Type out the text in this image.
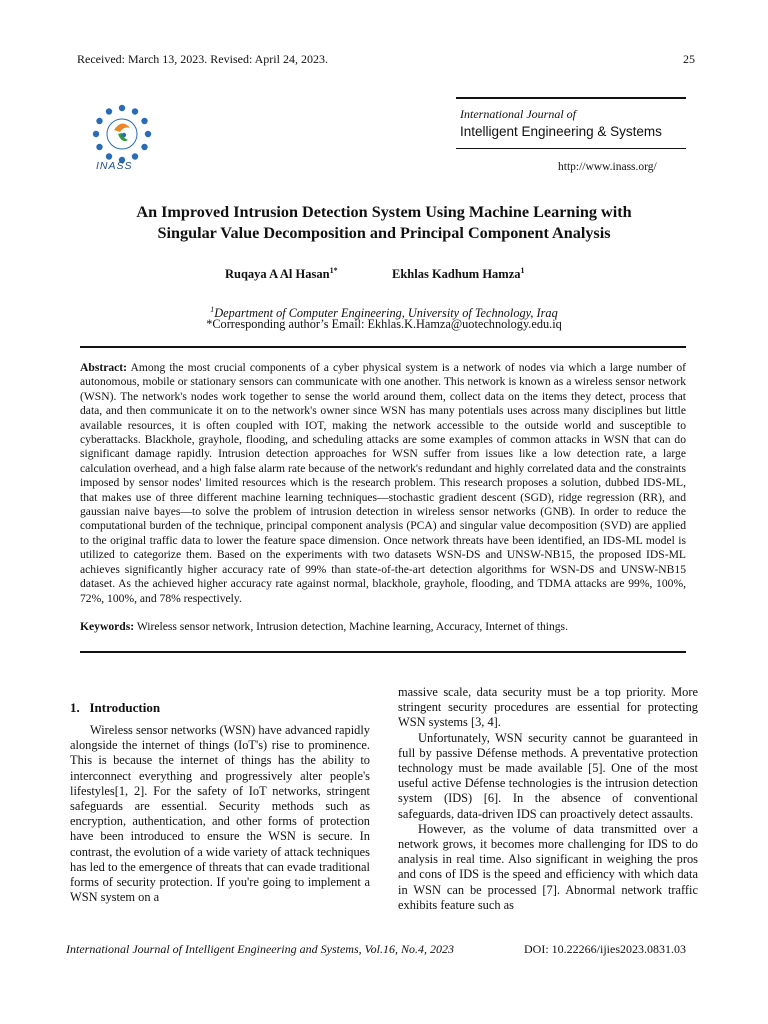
Received: March 13, 2023. Revised: April 24, 2023.	25
International Journal of
Intelligent Engineering & Systems
http://www.inass.org/
INASS
An Improved Intrusion Detection System Using Machine Learning with
Singular Value Decomposition and Principal Component Analysis
Ruqaya A Al Hasan$^{1*}$	Ekhlas Kadhum Hamza$^1$
$^1$Department of Computer Engineering, University of Technology, Iraq
*Corresponding author’s Email: Ekhlas.K.Hamza@uotechnology.edu.iq
Abstract: Among the most crucial components of a cyber physical system is a network of nodes via which a large number of autonomous, mobile or stationary sensors can communicate with one another. This network is known as a wireless sensor network (WSN). The network's nodes work together to sense the world around them, collect data on the items they detect, process that data, and then communicate it on to the network's owner since WSN has many potentials uses across many disciplines but little available resources, it is often coupled with IOT, making the network accessible to the outside world and susceptible to cyberattacks. Blackhole, grayhole, flooding, and scheduling attacks are some examples of common attacks in WSN that can do significant damage rapidly. Intrusion detection approaches for WSN suffer from issues like a low detection rate, a large calculation overhead, and a high false alarm rate because of the network's redundant and highly correlated data and the constraints imposed by sensor nodes' limited resources which is the research problem. This research proposes a solution, dubbed IDS-ML, that makes use of three different machine learning techniques—stochastic gradient descent (SGD), ridge regression (RR), and gaussian naive bayes—to solve the problem of intrusion detection in wireless sensor networks (GNB). In order to reduce the computational burden of the technique, principal component analysis (PCA) and singular value decomposition (SVD) are applied to the original traffic data to lower the feature space dimension. Once network threats have been identified, an IDS-ML model is utilized to categorize them. Based on the experiments with two datasets WSN-DS and UNSW-NB15, the proposed IDS-ML achieves significantly higher accuracy rate of 99% than state-of-the-art detection algorithms for WSN-DS and UNSW-NB15 dataset. As the achieved higher accuracy rate against normal, blackhole, grayhole, flooding, and TDMA attacks are 99%, 100%, 72%, 100%, and 78% respectively.
Keywords: Wireless sensor network, Intrusion detection, Machine learning, Accuracy, Internet of things.
1. Introduction

Wireless sensor networks (WSN) have advanced rapidly alongside the internet of things (IoT's) rise to prominence. This is because the internet of things has the ability to interconnect everything and progressively alter people's lifestyles[1, 2]. For the safety of IoT networks, stringent safeguards are essential. Security methods such as encryption, authentication, and other forms of protection have been introduced to ensure the WSN is secure. In contrast, the evolution of a wide variety of attack techniques has led to the emergence of threats that can evade traditional forms of security protection. If you're going to implement a WSN system on a

massive scale, data security must be a top priority. More stringent security procedures are essential for protecting WSN systems [3, 4].

Unfortunately, WSN security cannot be guaranteed in full by passive Défense methods. A preventative protection technology must be made available [5]. One of the most useful active Défense technologies is the intrusion detection system (IDS) [6]. In the absence of conventional safeguards, data-driven IDS can proactively detect assaults.

However, as the volume of data transmitted over a network grows, it becomes more challenging for IDS to do analysis in real time. Also significant in weighing the pros and cons of IDS is the speed and efficiency with which data in WSN can be processed [7]. Abnormal network traffic exhibits feature such as

International Journal of Intelligent Engineering and Systems, Vol.16, No.4, 2023	DOI: 10.22266/ijies2023.0831.03
